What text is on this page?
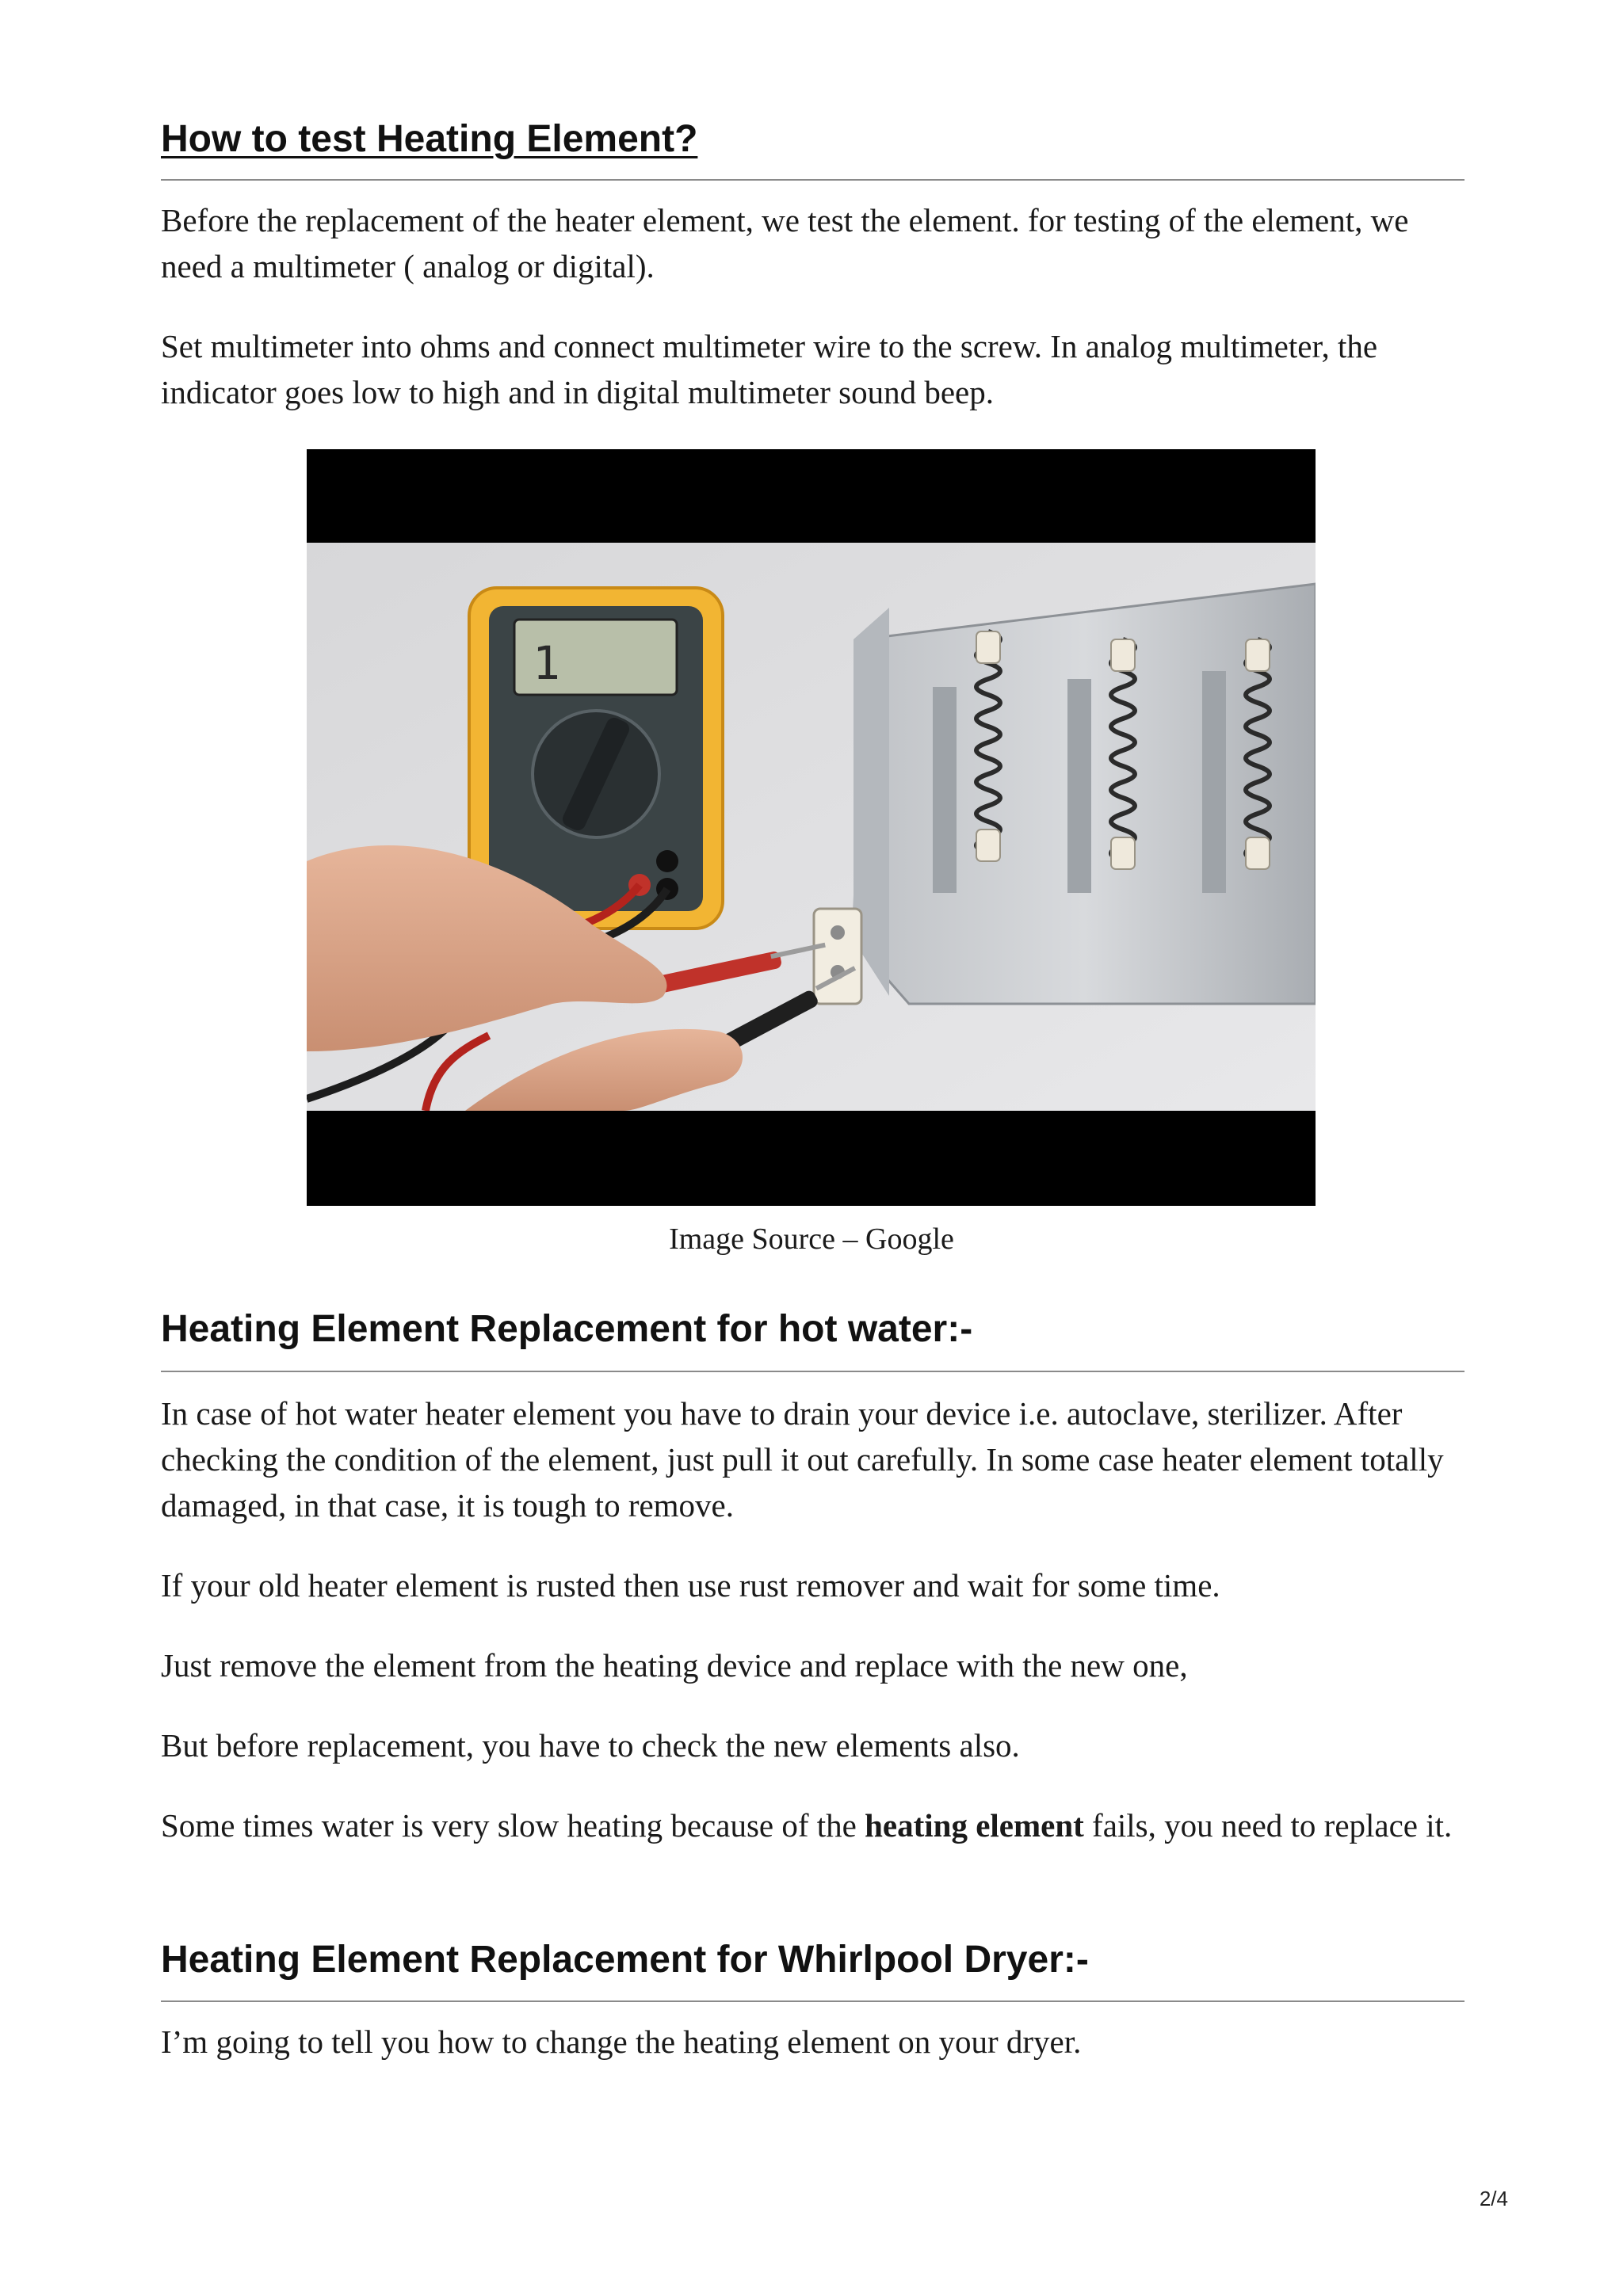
How to test Heating Element?

Before the replacement of the heater element, we test the element. for testing of the element, we need a multimeter ( analog or digital).

Set multimeter into ohms and connect multimeter wire to the screw. In analog multimeter, the indicator goes low to high and in digital multimeter sound beep.

1
Image Source – Google
Heating Element Replacement for hot water:-

In case of hot water heater element you have to drain your device i.e. autoclave, sterilizer. After checking the condition of the element, just pull it out carefully. In some case heater element totally damaged, in that case, it is tough to remove.

If your old heater element is rusted then use rust remover and wait for some time.

Just remove the element from the heating device and replace with the new one,

But before replacement, you have to check the new elements also.

Some times water is very slow heating because of the heating element fails, you need to replace it.

Heating Element Replacement for Whirlpool Dryer:-

I’m going to tell you how to change the heating element on your dryer.

2/4
